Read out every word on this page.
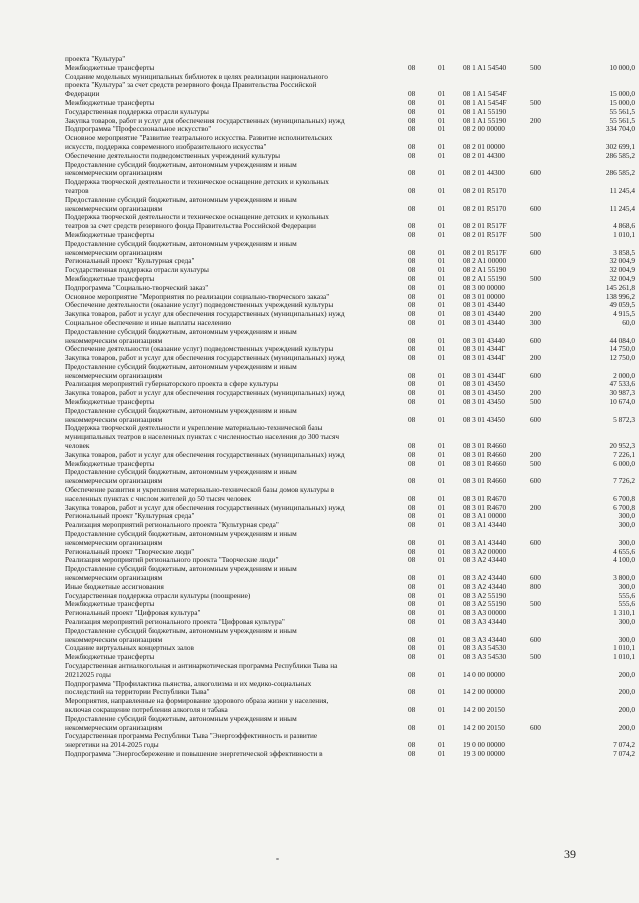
проекта "Культура"
Межбюджетные трансферты	08	01	08 1 A1 54540	500	10 000,0
Создание модельных муниципальных библиотек в целях реализации национального
проекта "Культура" за счет средств резервного фонда Правительства Российской
Федерации	08	01	08 1 A1 5454F	15 000,0
Межбюджетные трансферты	08	01	08 1 A1 5454F	500	15 000,0
Государственная поддержка отрасли культуры	08	01	08 1 A1 55190	55 561,5
Закупка товаров, работ и услуг для обеспечения государственных (муниципальных) нужд	08	01	08 1 A1 55190	200	55 561,5
Подпрограмма "Профессиональное искусство"	08	01	08 2 00 00000	334 704,0
Основное мероприятие "Развитие театрального искусства. Развитие исполнительских
искусств, поддержка современного изобразительного искусства"	08	01	08 2 01 00000	302 699,1
Обеспечение деятельности подведомственных учреждений культуры	08	01	08 2 01 44300	286 585,2
Предоставление субсидий бюджетным, автономным учреждениям и иным
некоммерческим организациям	08	01	08 2 01 44300	600	286 585,2
Поддержка творческой деятельности и техническое оснащение детских и кукольных
театров	08	01	08 2 01 R5170	11 245,4
Предоставление субсидий бюджетным, автономным учреждениям и иным
некоммерческим организациям	08	01	08 2 01 R5170	600	11 245,4
Поддержка творческой деятельности и техническое оснащение детских и кукольных
театров за счет средств резервного фонда Правительства Российской Федерации	08	01	08 2 01 R517F	4 868,6
Межбюджетные трансферты	08	01	08 2 01 R517F	500	1 010,1
Предоставление субсидий бюджетным, автономным учреждениям и иным
некоммерческим организациям	08	01	08 2 01 R517F	600	3 858,5
Региональный проект "Культурная среда"	08	01	08 2 A1 00000	32 004,9
Государственная поддержка отрасли культуры	08	01	08 2 A1 55190	32 004,9
Межбюджетные трансферты	08	01	08 2 A1 55190	500	32 004,9
Подпрограмма "Социально-творческий заказ"	08	01	08 3 00 00000	145 261,8
Основное мероприятие "Мероприятия по реализации социально-творческого заказа"	08	01	08 3 01 00000	138 996,2
Обеспечение деятельности (оказание услуг) подведомственных учреждений культуры	08	01	08 3 01 43440	49 059,5
Закупка товаров, работ и услуг для обеспечения государственных (муниципальных) нужд	08	01	08 3 01 43440	200	4 915,5
Социальное обеспечение и иные выплаты населению	08	01	08 3 01 43440	300	60,0
Предоставление субсидий бюджетным, автономным учреждениям и иным
некоммерческим организациям	08	01	08 3 01 43440	600	44 084,0
Обеспечение деятельности (оказание услуг) подведомственных учреждений культуры	08	01	08 3 01 4344Г	14 750,0
Закупка товаров, работ и услуг для обеспечения государственных (муниципальных) нужд	08	01	08 3 01 4344Г	200	12 750,0
Предоставление субсидий бюджетным, автономным учреждениям и иным
некоммерческим организациям	08	01	08 3 01 4344Г	600	2 000,0
Реализация мероприятий губернаторского проекта в сфере культуры	08	01	08 3 01 43450	47 533,6
Закупка товаров, работ и услуг для обеспечения государственных (муниципальных) нужд	08	01	08 3 01 43450	200	30 987,3
Межбюджетные трансферты	08	01	08 3 01 43450	500	10 674,0
Предоставление субсидий бюджетным, автономным учреждениям и иным
некоммерческим организациям	08	01	08 3 01 43450	600	5 872,3
Поддержка творческой деятельности и укрепление материально-технической базы
муниципальных театров в населенных пунктах с численностью населения до 300 тысяч
человек	08	01	08 3 01 R4660	20 952,3
Закупка товаров, работ и услуг для обеспечения государственных (муниципальных) нужд	08	01	08 3 01 R4660	200	7 226,1
Межбюджетные трансферты	08	01	08 3 01 R4660	500	6 000,0
Предоставление субсидий бюджетным, автономным учреждениям и иным
некоммерческим организациям	08	01	08 3 01 R4660	600	7 726,2
Обеспечение развития и укрепления материально-технической базы домов культуры в
населенных пунктах с числом жителей до 50 тысяч человек	08	01	08 3 01 R4670	6 700,8
Закупка товаров, работ и услуг для обеспечения государственных (муниципальных) нужд	08	01	08 3 01 R4670	200	6 700,8
Региональный проект "Культурная среда"	08	01	08 3 A1 00000	300,0
Реализация мероприятий регионального проекта "Культурная среда"	08	01	08 3 A1 43440	300,0
Предоставление субсидий бюджетным, автономным учреждениям и иным
некоммерческим организациям	08	01	08 3 A1 43440	600	300,0
Региональный проект "Творческие люди"	08	01	08 3 A2 00000	4 655,6
Реализация мероприятий регионального проекта "Творческие люди"	08	01	08 3 A2 43440	4 100,0
Предоставление субсидий бюджетным, автономным учреждениям и иным
некоммерческим организациям	08	01	08 3 A2 43440	600	3 800,0
Иные бюджетные ассигнования	08	01	08 3 A2 43440	800	300,0
Государственная поддержка отрасли культуры (поощрение)	08	01	08 3 A2 55190	555,6
Межбюджетные трансферты	08	01	08 3 A2 55190	500	555,6
Региональный проект "Цифровая культура"	08	01	08 3 A3 00000	1 310,1
Реализация мероприятий регионального проекта "Цифровая культура"	08	01	08 3 A3 43440	300,0
Предоставление субсидий бюджетным, автономным учреждениям и иным
некоммерческим организациям	08	01	08 3 A3 43440	600	300,0
Создание виртуальных концертных залов	08	01	08 3 A3 54530	1 010,1
Межбюджетные трансферты	08	01	08 3 A3 54530	500	1 010,1
Государственная антиалкогольная и антинаркотическая программа Республики Тыва на
20212025 годы	08	01	14 0 00 00000	200,0
Подпрограмма "Профилактика пьянства, алкоголизма и их медико-социальных
последствий на территории Республики Тыва"	08	01	14 2 00 00000	200,0
Мероприятия, направленные на формирование здорового образа жизни у населения,
включая сокращение потребления алкоголя и табака	08	01	14 2 00 20150	200,0
Предоставление субсидий бюджетным, автономным учреждениям и иным
некоммерческим организациям	08	01	14 2 00 20150	600	200,0
Государственная программа Республики Тыва "Энергоэффективность и развитие
энергетики на 2014-2025 годы	08	01	19 0 00 00000	7 074,2
Подпрограмма "Энергосбережение и повышение энергетической эффективности в	08	01	19 3 00 00000	7 074,2
39
